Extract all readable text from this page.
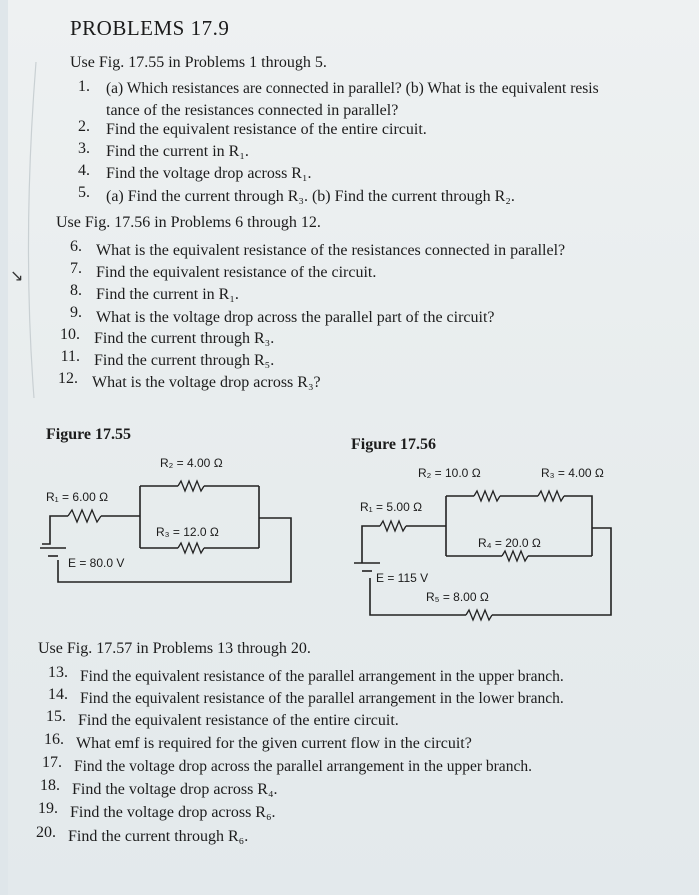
↘
PROBLEMS 17.9
Use Fig. 17.55 in Problems 1 through 5.
1. (a) Which resistances are connected in parallel? (b) What is the equivalent resis
tance of the resistances connected in parallel?
2. Find the equivalent resistance of the entire circuit.
3. Find the current in R₁.
4. Find the voltage drop across R₁.
5. (a) Find the current through R₃. (b) Find the current through R₂.
Use Fig. 17.56 in Problems 6 through 12.
6. What is the equivalent resistance of the resistances connected in parallel?
7. Find the equivalent resistance of the circuit.
8. Find the current in R₁.
9. What is the voltage drop across the parallel part of the circuit?
10. Find the current through R₃.
11. Find the current through R₅.
12. What is the voltage drop across R₃?
Figure 17.55
R₂ = 4.00 Ω
R₁ = 6.00 Ω
R₃ = 12.0 Ω
E = 80.0 V
Figure 17.56
R₂ = 10.0 Ω	R₃ = 4.00 Ω
R₁ = 5.00 Ω
R₄ = 20.0 Ω
E = 115 V
R₅ = 8.00 Ω
Use Fig. 17.57 in Problems 13 through 20.
13. Find the equivalent resistance of the parallel arrangement in the upper branch.
14. Find the equivalent resistance of the parallel arrangement in the lower branch.
15. Find the equivalent resistance of the entire circuit.
16. What emf is required for the given current flow in the circuit?
17. Find the voltage drop across the parallel arrangement in the upper branch.
18. Find the voltage drop across R₄.
19. Find the voltage drop across R₆.
20. Find the current through R₆.
